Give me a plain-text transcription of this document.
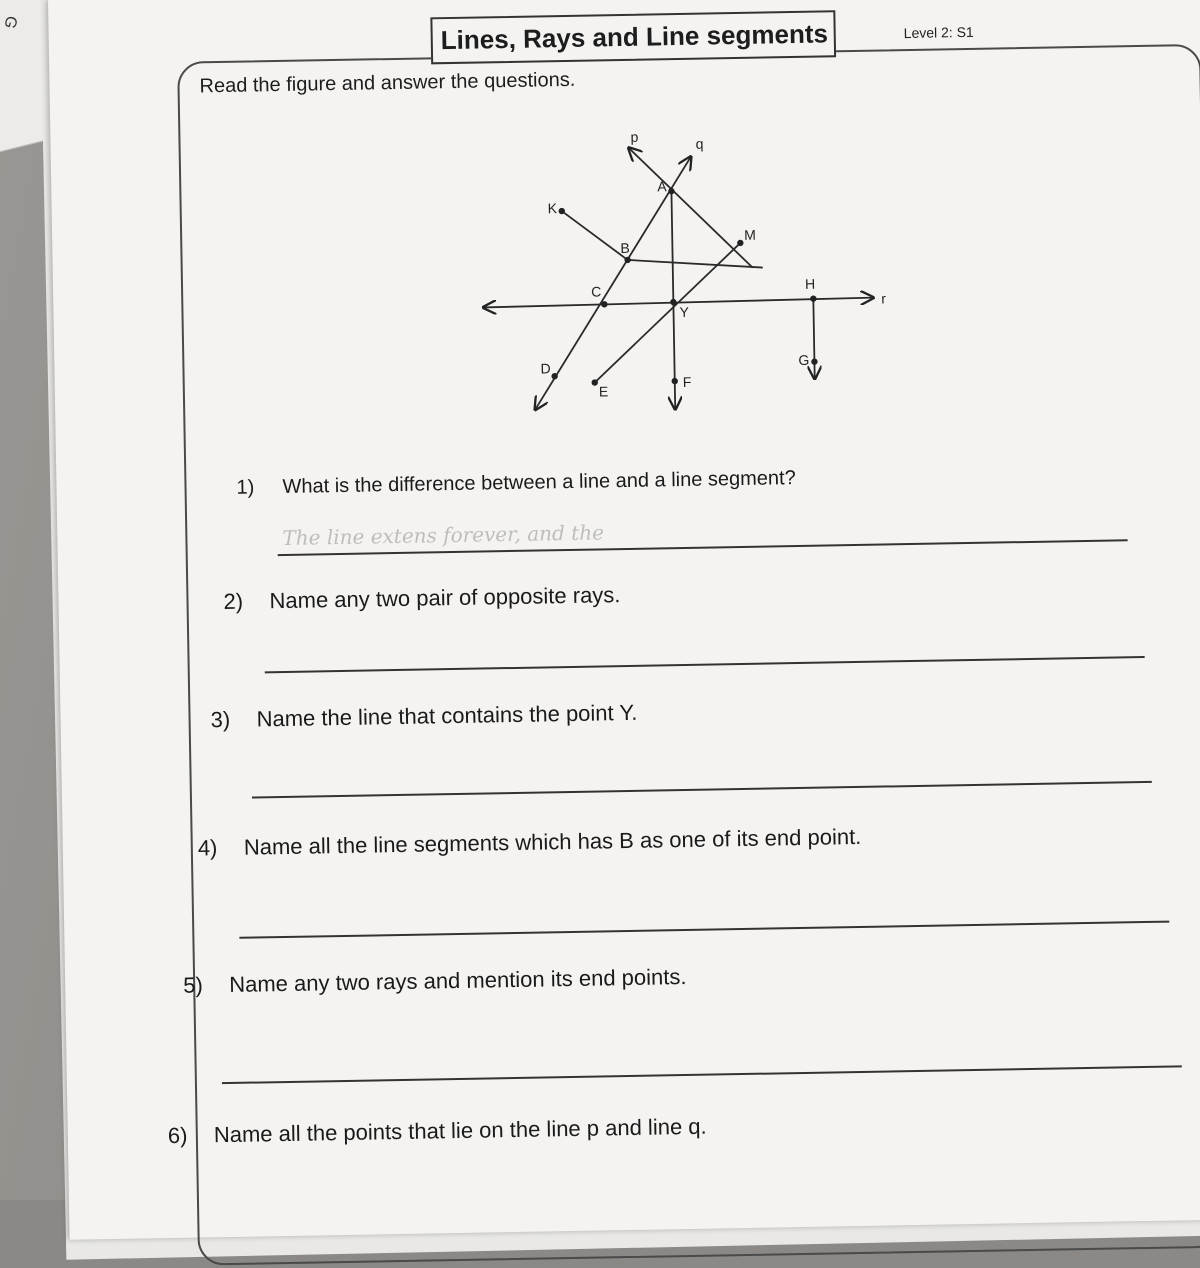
G	Lines, Rays and Line segments	Level 2: S1
Read the figure and answer the questions.
p	q
A
K
B
M
C	H
r
Y
D
E
F
G
1) What is the difference between a line and a line segment?
The line extens forever, and the
2) Name any two pair of opposite rays.
3) Name the line that contains the point Y.
4) Name all the line segments which has B as one of its end point.
5) Name any two rays and mention its end points.
6) Name all the points that lie on the line p and line q.
